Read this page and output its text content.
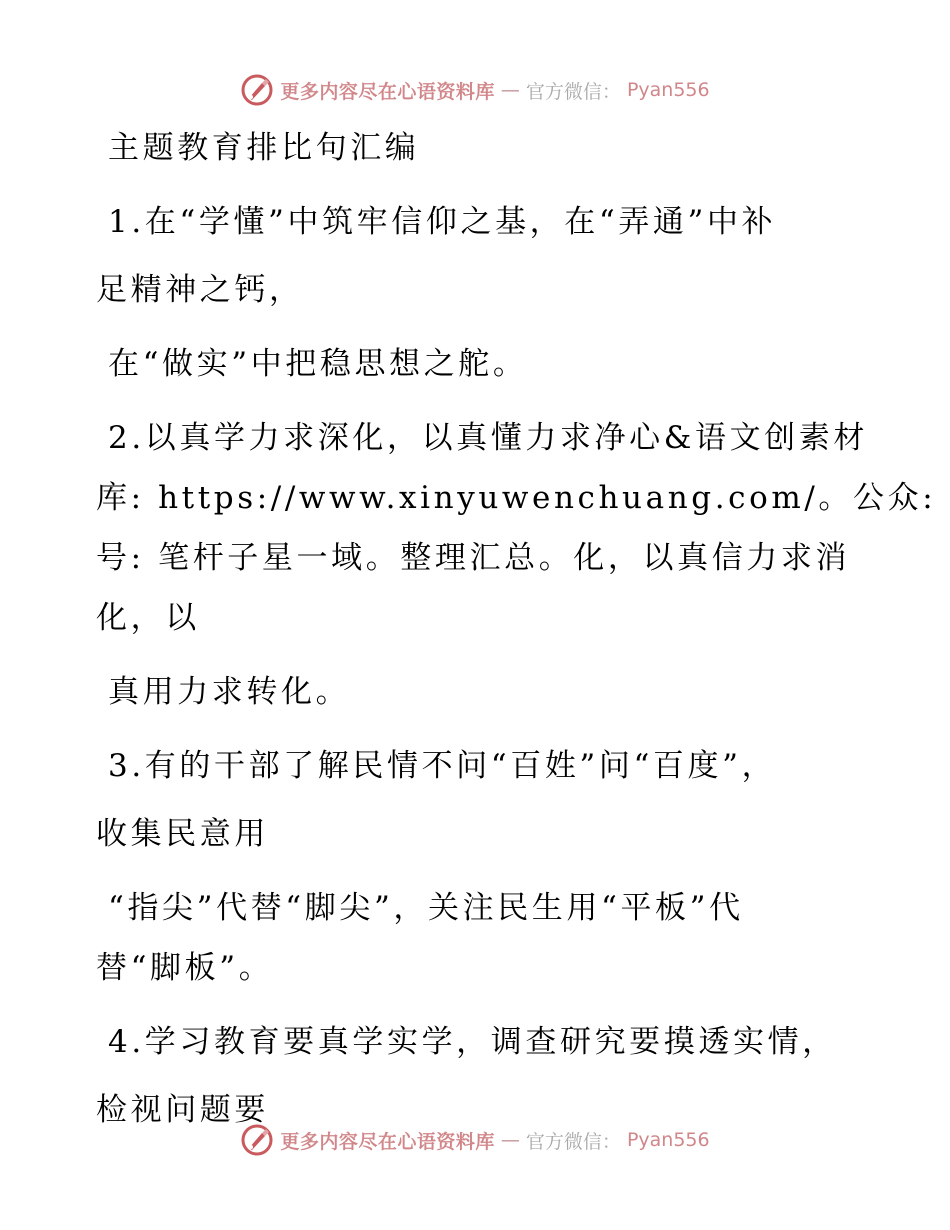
更多内容尽在心语资料库 — 官方微信： Pyan556
主题教育排比句汇编
1.在“学懂”中筑牢信仰之基，在“弄通”中补
足精神之钙，
在“做实”中把稳思想之舵。
2.以真学力求深化，以真懂力求净心&语文创素材
库: https://www.xinyuwenchuang.com/。公众:
号: 笔杆子星一域。整理汇总。化，以真信力求消
化，以
真用力求转化。
3.有的干部了解民情不问“百姓”问“百度”，
收集民意用
“指尖”代替“脚尖”，关注民生用“平板”代
替“脚板”。
4.学习教育要真学实学，调查研究要摸透实情，
检视问题要
更多内容尽在心语资料库 — 官方微信： Pyan556
